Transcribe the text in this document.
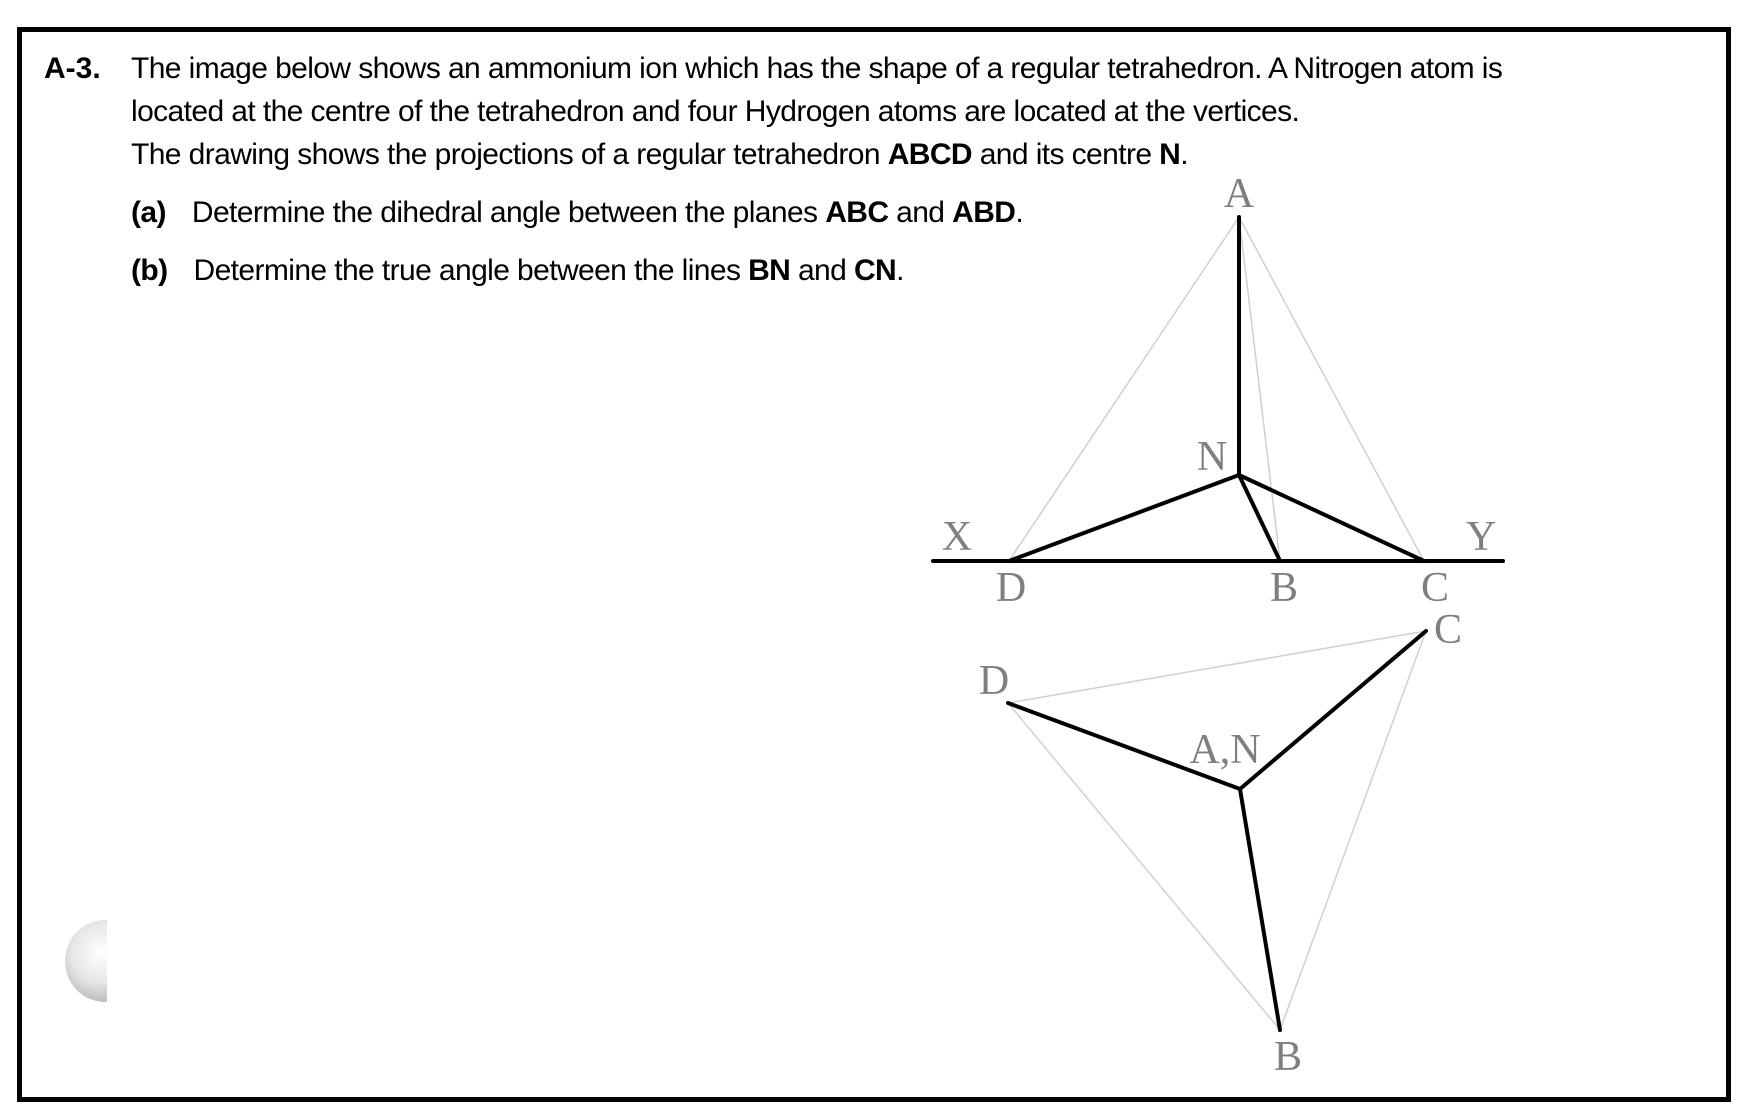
A-3. The image below shows an ammonium ion which has the shape of a regular tetrahedron. A Nitrogen atom is
located at the centre of the tetrahedron and four Hydrogen atoms are located at the vertices.
The drawing shows the projections of a regular tetrahedron ABCD and its centre N.
(a) Determine the dihedral angle between the planes ABC and ABD.
(b) Determine the true angle between the lines BN and CN.
A
N
X	Y
D	B	C
C
D
A,N
B
